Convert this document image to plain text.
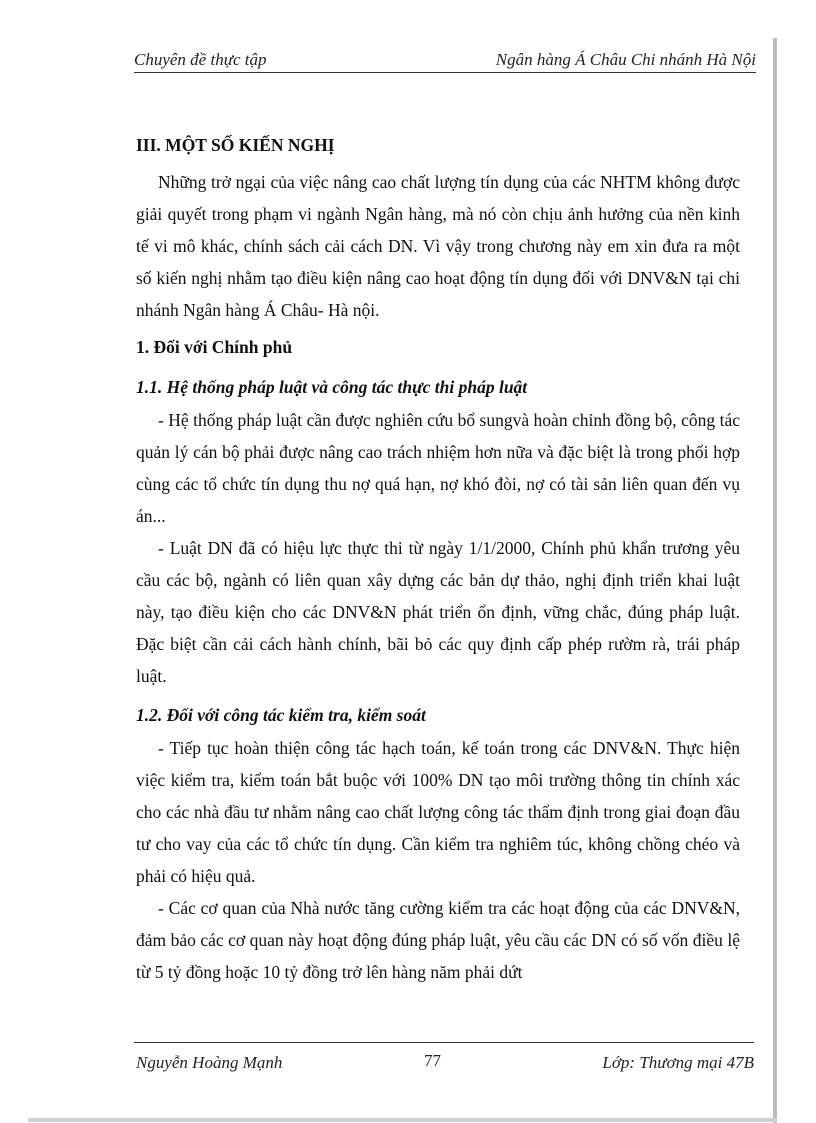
Chuyên đề thực tập	Ngân hàng Á Châu Chi nhánh Hà Nội

III. MỘT SỐ KIẾN NGHỊ

Những trở ngại của việc nâng cao chất lượng tín dụng của các NHTM không được giải quyết trong phạm vi ngành Ngân hàng, mà nó còn chịu ảnh hưởng của nền kinh tế vi mô khác, chính sách cải cách DN. Vì vậy trong chương này em xin đưa ra một số kiến nghị nhằm tạo điều kiện nâng cao hoạt động tín dụng đối với DNV&N tại chi nhánh Ngân hàng Á Châu- Hà nội.

1. Đối với Chính phủ

1.1. Hệ thống pháp luật và công tác thực thi pháp luật

- Hệ thống pháp luật cần được nghiên cứu bổ sungvà hoàn chỉnh đồng bộ, công tác quản lý cán bộ phải được nâng cao trách nhiệm hơn nữa và đặc biệt là trong phối hợp cùng các tổ chức tín dụng thu nợ quá hạn, nợ khó đòi, nợ có tài sản liên quan đến vụ án...

- Luật DN đã có hiệu lực thực thi từ ngày 1/1/2000, Chính phủ khẩn trương yêu cầu các bộ, ngành có liên quan xây dựng các bản dự thảo, nghị định triển khai luật này, tạo điều kiện cho các DNV&N phát triển ổn định, vững chắc, đúng pháp luật. Đặc biệt cần cải cách hành chính, bãi bỏ các quy định cấp phép rườm rà, trái pháp luật.

1.2. Đối với công tác kiểm tra, kiểm soát

- Tiếp tục hoàn thiện công tác hạch toán, kế toán trong các DNV&N. Thực hiện việc kiểm tra, kiểm toán bắt buộc với 100% DN tạo môi trường thông tin chính xác cho các nhà đầu tư nhằm nâng cao chất lượng công tác thẩm định trong giai đoạn đầu tư cho vay của các tổ chức tín dụng. Cần kiểm tra nghiêm túc, không chồng chéo và phải có hiệu quả.

- Các cơ quan của Nhà nước tăng cường kiểm tra các hoạt động của các DNV&N, đảm bảo các cơ quan này hoạt động đúng pháp luật, yêu cầu các DN có số vốn điều lệ từ 5 tỷ đồng hoặc 10 tỷ đồng trở lên hàng năm phải dứt

Nguyễn Hoàng Mạnh	77	Lớp: Thương mại 47B
